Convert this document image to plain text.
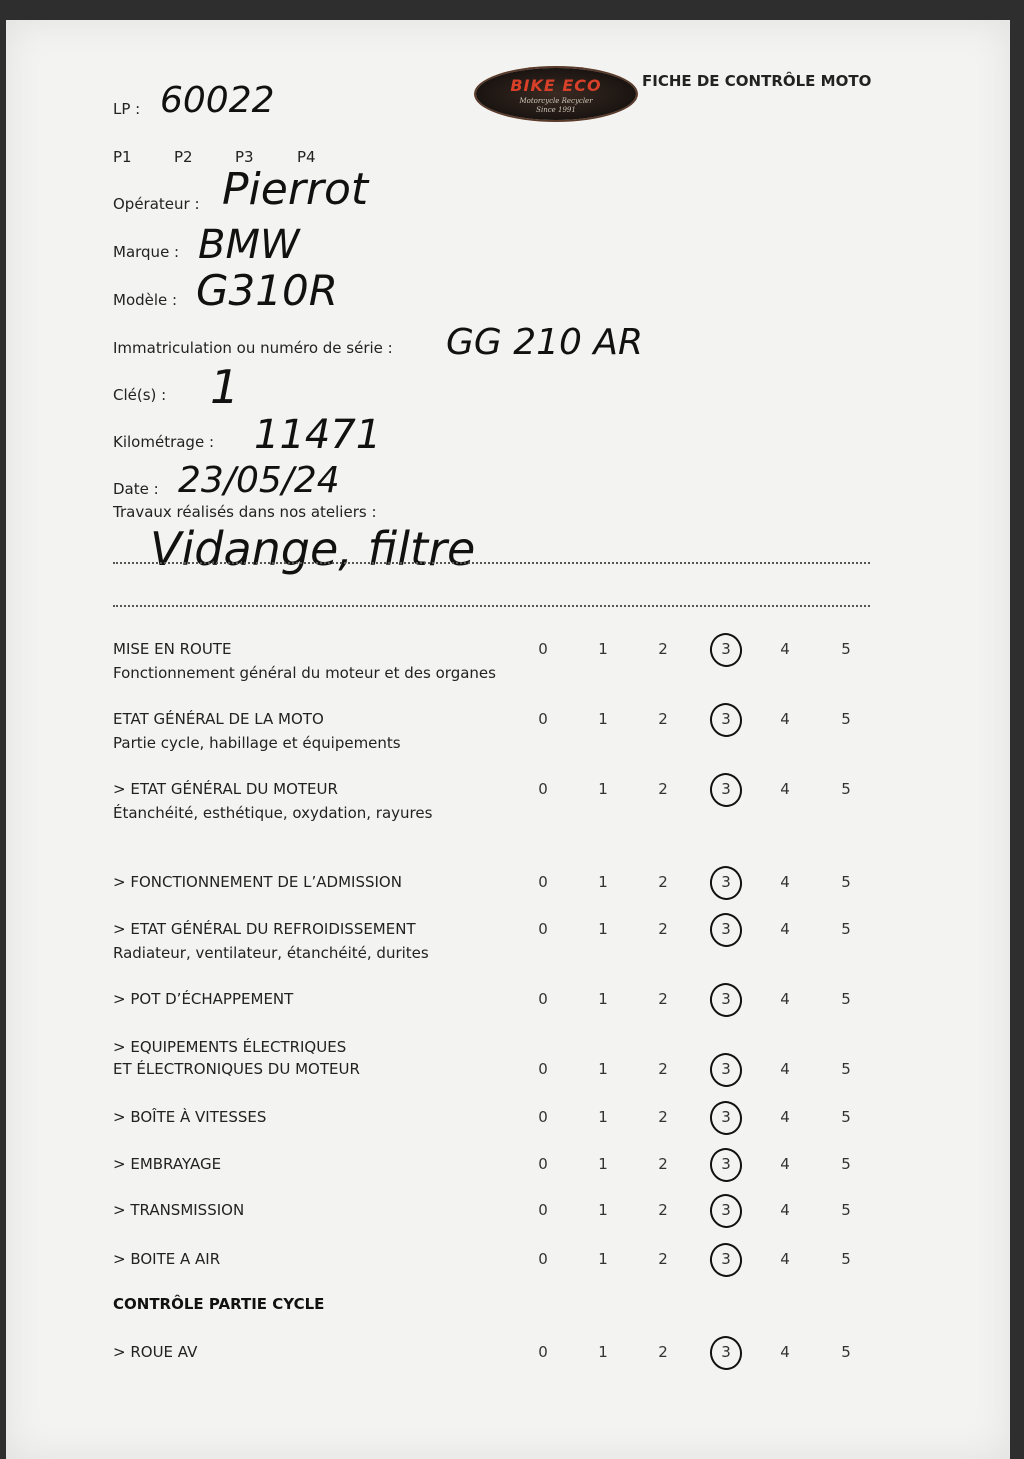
BIKE ECO
Motorcycle Recycler
Since 1991
FICHE DE CONTRÔLE MOTO
LP : 60022
P1	P2	P3	P4
Opérateur : Pierrot
Marque : BMW
Modèle : G310R
Immatriculation ou numéro de série : GG 210 AR
Clé(s) : 1
Kilométrage : 11471
Date : 23/05/24
Travaux réalisés dans nos ateliers :
Vidange, filtre
MISE EN ROUTE
Fonctionnement général du moteur et des organes
0	1	2	3	4	5
ETAT GÉNÉRAL DE LA MOTO
Partie cycle, habillage et équipements
0	1	2	3	4	5
> ETAT GÉNÉRAL DU MOTEUR
Étanchéité, esthétique, oxydation, rayures
0	1	2	3	4	5
> FONCTIONNEMENT DE L’ADMISSION	0	1	2	3	4	5
> ETAT GÉNÉRAL DU REFROIDISSEMENT
Radiateur, ventilateur, étanchéité, durites
0	1	2	3	4	5
> POT D’ÉCHAPPEMENT	0	1	2	3	4	5
> EQUIPEMENTS ÉLECTRIQUES
ET ÉLECTRONIQUES DU MOTEUR	0	1	2	3	4	5
> BOÎTE À VITESSES	0	1	2	3	4	5
> EMBRAYAGE	0	1	2	3	4	5
> TRANSMISSION	0	1	2	3	4	5
> BOITE A AIR	0	1	2	3	4	5
CONTRÔLE PARTIE CYCLE
> ROUE AV	0	1	2	3	4	5
